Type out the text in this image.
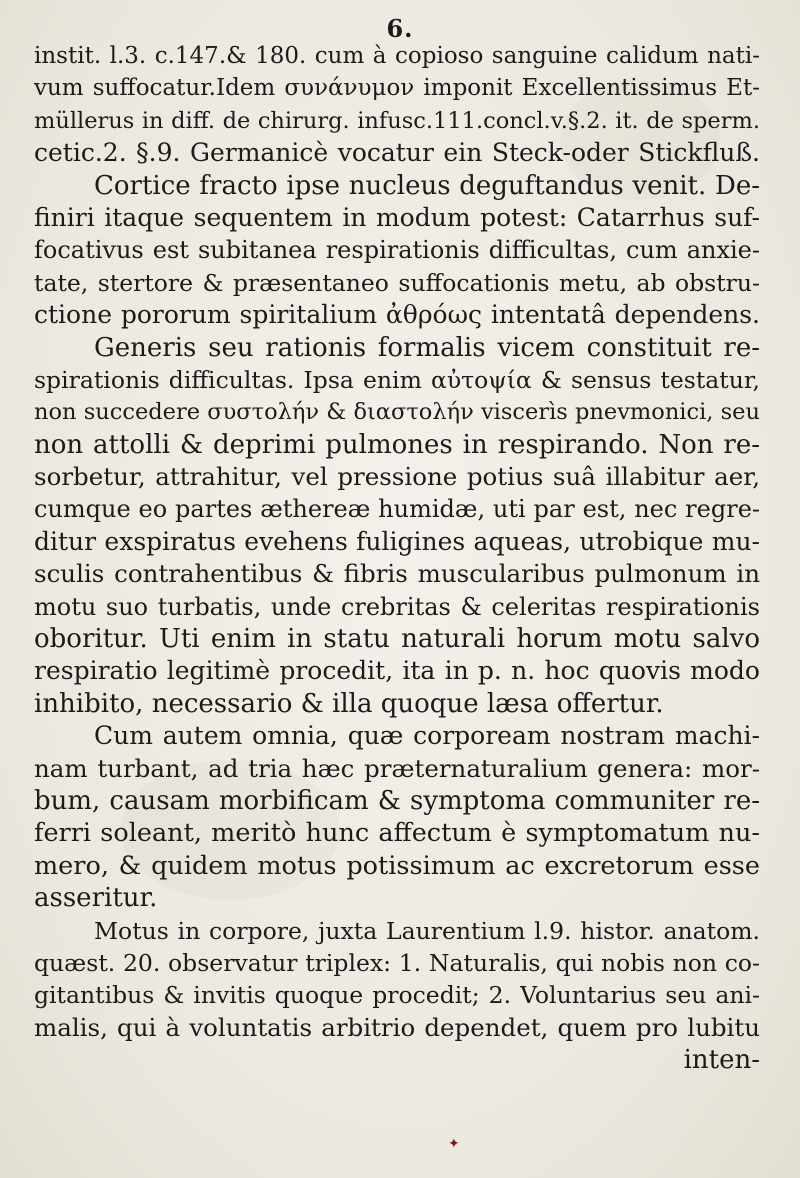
6.
instit. l.3. c.147.& 180. cum à copioso sanguine calidum nati-
vum suffocatur.Idem συνάνυμον imponit Excellentissimus Et-
müllerus in diff. de chirurg. infusc.111.concl.v.§.2. it. de sperm.
cetic.2. §.9. Germanicè vocatur ein Steck-oder Stickfluß.
Cortice fracto ipse nucleus deguftandus venit. De-
finiri itaque sequentem in modum potest: Catarrhus suf-
focativus est subitanea respirationis difficultas, cum anxie-
tate, stertore & præsentaneo suffocationis metu, ab obstru-
ctione pororum spiritalium ἀθρόως intentatâ dependens.
Generis seu rationis formalis vicem constituit re-
spirationis difficultas. Ipsa enim αὐτοψία & sensus testatur,
non succedere συστολήν & διαστολήν viscerìs pnevmonici, seu
non attolli & deprimi pulmones in respirando. Non re-
sorbetur, attrahitur, vel pressione potius suâ illabitur aer,
cumque eo partes æthereæ humidæ, uti par est, nec regre-
ditur exspiratus evehens fuligines aqueas, utrobique mu-
sculis contrahentibus & fibris muscularibus pulmonum in
motu suo turbatis, unde crebritas & celeritas respirationis
oboritur. Uti enim in statu naturali horum motu salvo
respiratio legitimè procedit, ita in p. n. hoc quovis modo
inhibito, necessario & illa quoque læsa offertur.
Cum autem omnia, quæ corpoream nostram machi-
nam turbant, ad tria hæc præternaturalium genera: mor-
bum, causam morbificam & symptoma communiter re-
ferri soleant, meritò hunc affectum è symptomatum nu-
mero, & quidem motus potissimum ac excretorum esse
asseritur.
Motus in corpore, juxta Laurentium l.9. histor. anatom.
quæst. 20. observatur triplex: 1. Naturalis, qui nobis non co-
gitantibus & invitis quoque procedit; 2. Voluntarius seu ani-
malis, qui à voluntatis arbitrio dependet, quem pro lubitu
inten-
✦
